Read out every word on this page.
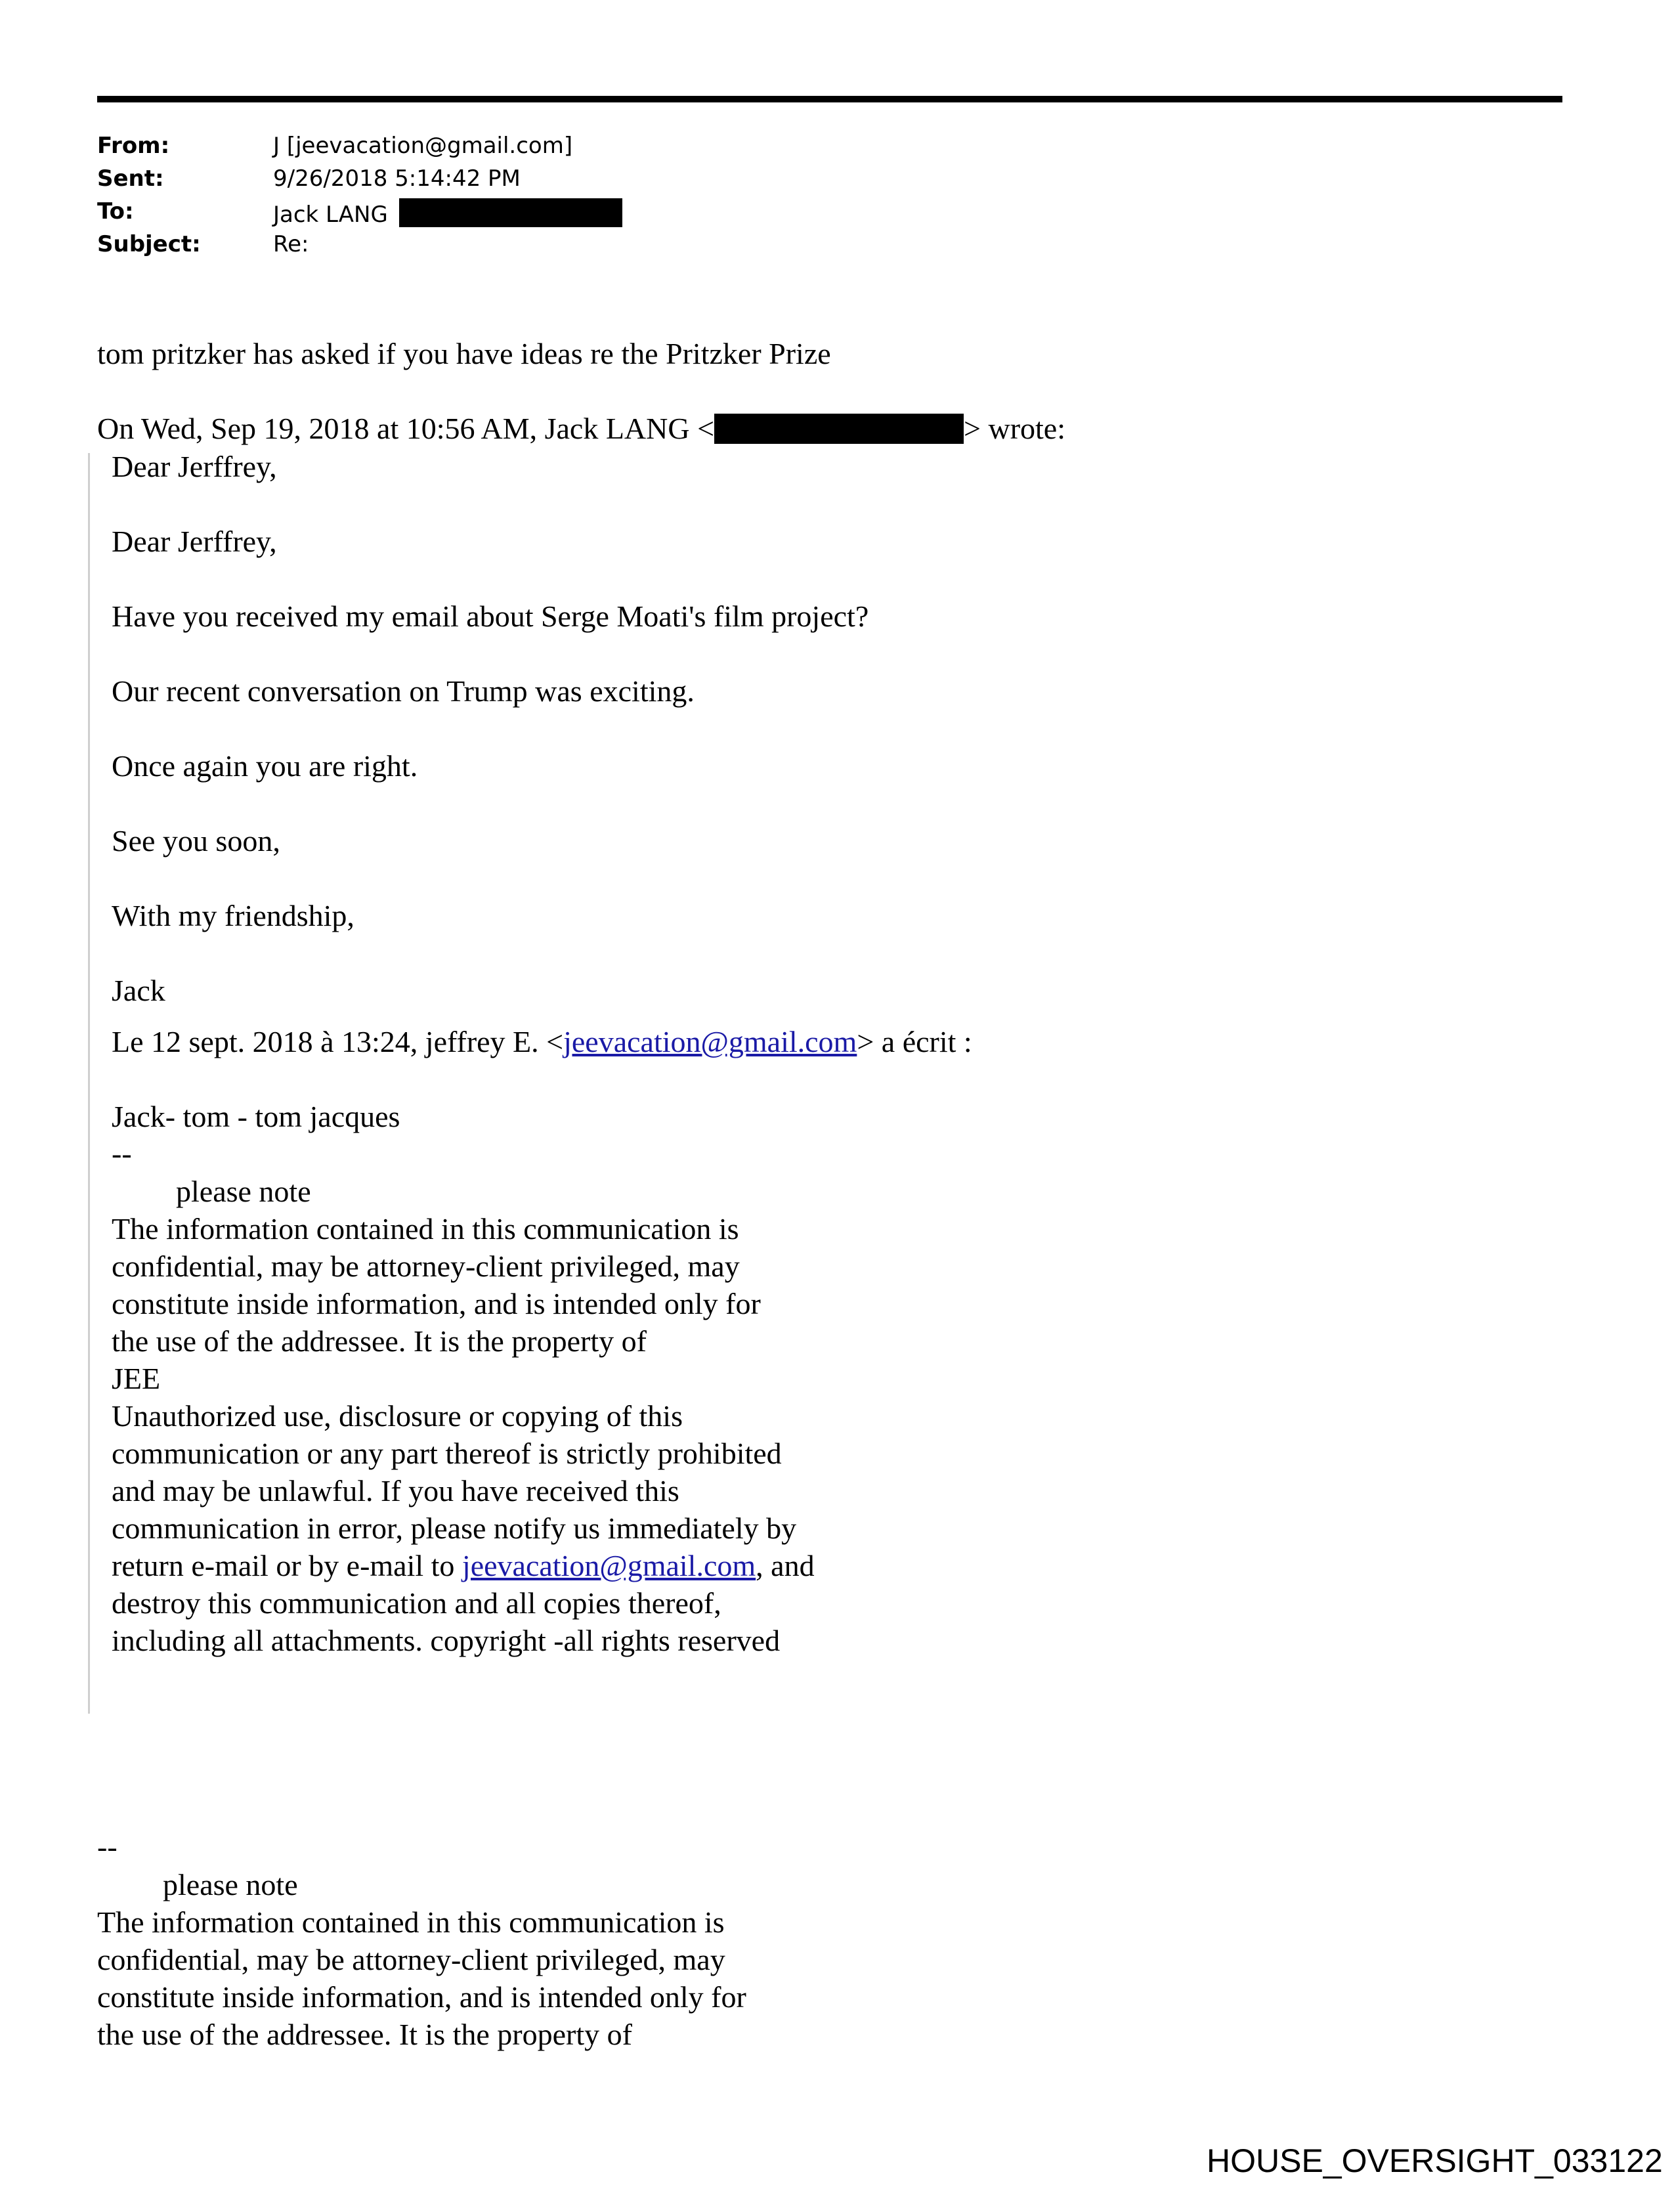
From:	J [jeevacation@gmail.com]
Sent:	9/26/2018 5:14:42 PM
To:	Jack LANG
Subject:	Re:
tom pritzker has asked if you have ideas re the Pritzker Prize
On Wed, Sep 19, 2018 at 10:56 AM, Jack LANG <	> wrote:
Dear Jerffrey,
Dear Jerffrey,
Have you received my email about Serge Moati's film project?
Our recent conversation on Trump was exciting.
Once again you are right.
See you soon,
With my friendship,
Jack
Le 12 sept. 2018 à 13:24, jeffrey E. <jeevacation@gmail.com> a écrit :
Jack- tom - tom jacques
--
please note
The information contained in this communication is
confidential, may be attorney-client privileged, may
constitute inside information, and is intended only for
the use of the addressee. It is the property of
JEE
Unauthorized use, disclosure or copying of this
communication or any part thereof is strictly prohibited
and may be unlawful. If you have received this
communication in error, please notify us immediately by
return e-mail or by e-mail to jeevacation@gmail.com, and
destroy this communication and all copies thereof,
including all attachments. copyright -all rights reserved
--
please note
The information contained in this communication is
confidential, may be attorney-client privileged, may
constitute inside information, and is intended only for
the use of the addressee. It is the property of
HOUSE_OVERSIGHT_033122
